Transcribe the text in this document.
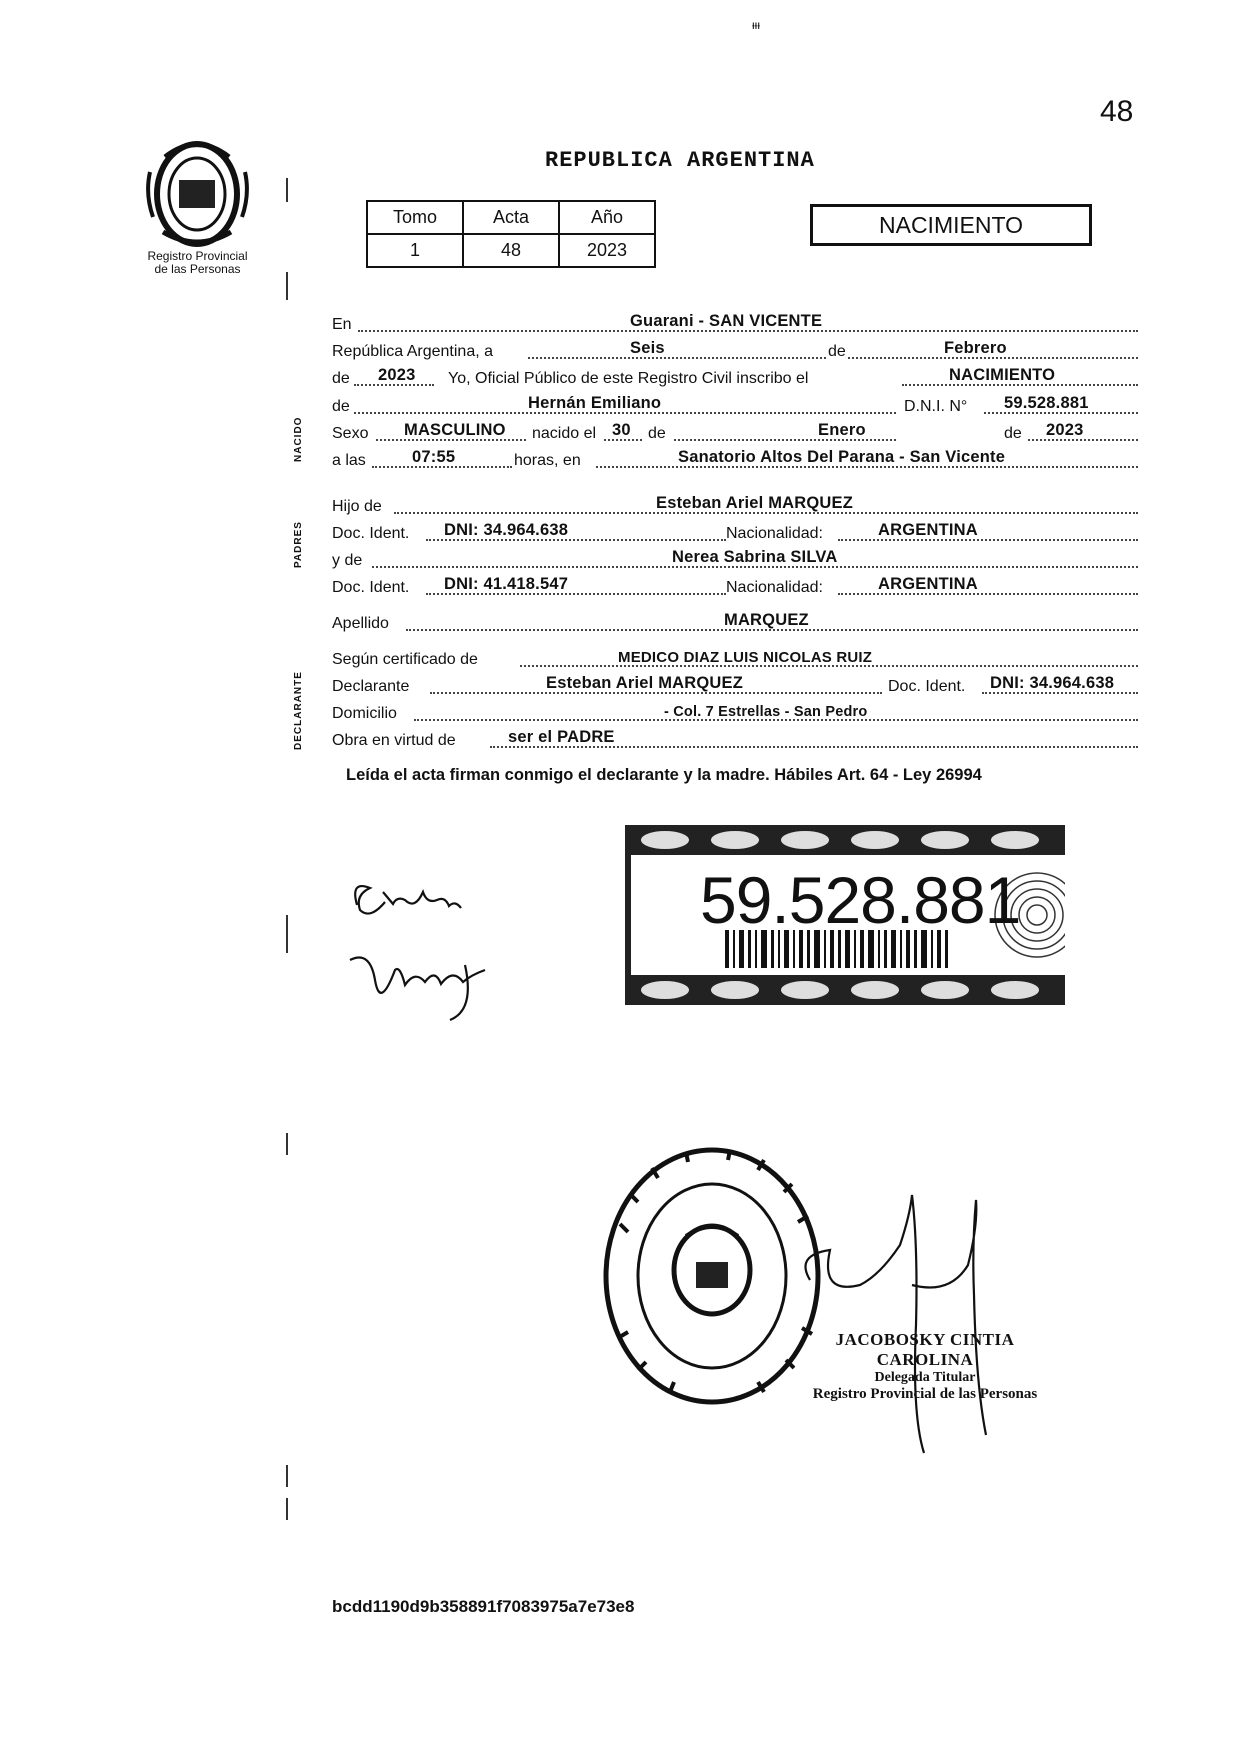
ᵻᵻᵻ
48
REPUBLICA ARGENTINA
Registro Provincial
de las Personas
Tomo	Acta	Año
1	48	2023
NACIMIENTO
NACIDO
PADRES
DECLARANTE
En	Guarani - SAN VICENTE
República Argentina, a	Seis	de	Febrero
de 2023 Yo, Oficial Público de este Registro Civil inscribo el	NACIMIENTO
de	Hernán Emiliano	D.N.I. N° 59.528.881
Sexo MASCULINO nacido el 30 de	Enero	de 2023
a las	07:55	horas, en	Sanatorio Altos Del Parana - San Vicente
Hijo de	Esteban Ariel MARQUEZ
Doc. Ident. DNI: 34.964.638	Nacionalidad:	ARGENTINA
y de	Nerea Sabrina SILVA
Doc. Ident. DNI: 41.418.547	Nacionalidad:	ARGENTINA
Apellido	MARQUEZ
Según certificado de	MEDICO DIAZ LUIS NICOLAS RUIZ
Declarante	Esteban Ariel MARQUEZ	Doc. Ident. DNI: 34.964.638
Domicilio	- Col. 7 Estrellas - San Pedro
Obra en virtud de	ser el PADRE
Leída el acta firman conmigo el declarante y la madre. Hábiles Art. 64 - Ley 26994
59.528.881
JACOBOSKY CINTIA CAROLINA
Delegada Titular
Registro Provincial de las Personas
bcdd1190d9b358891f7083975a7e73e8
